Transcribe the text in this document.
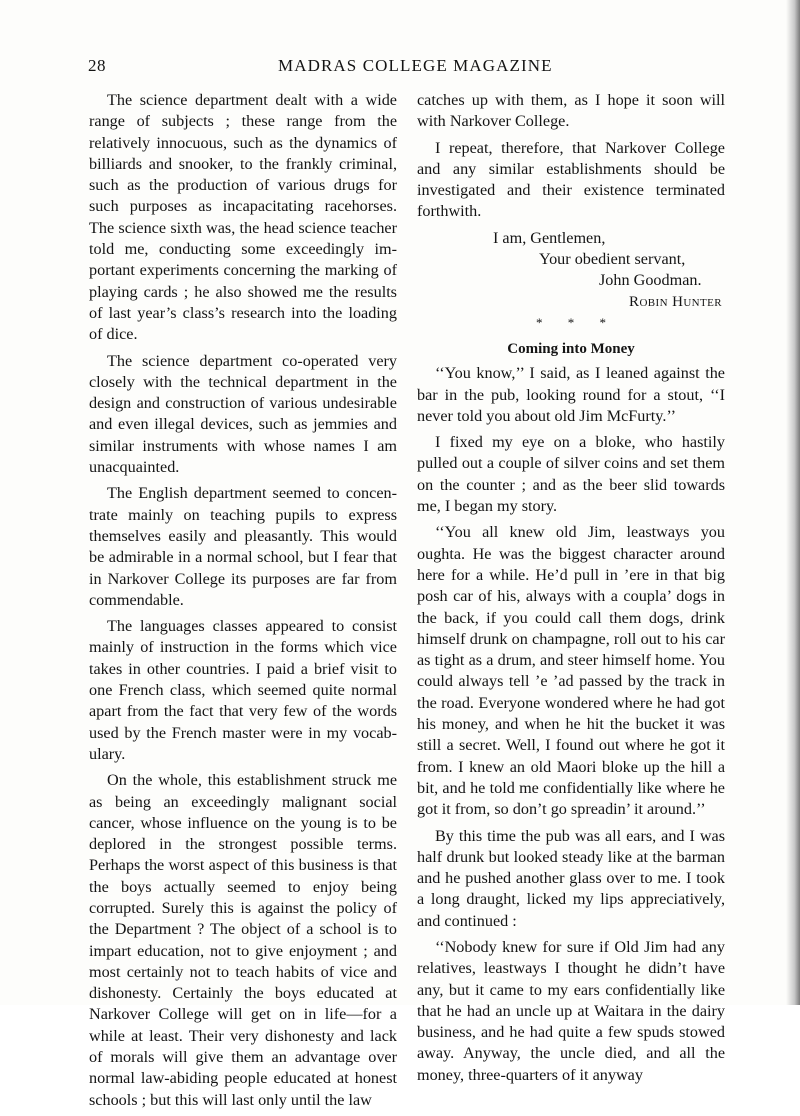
28	MADRAS COLLEGE MAGAZINE

The science department dealt with a wide range of subjects ; these range from the relatively innocuous, such as the dynamics of billiards and snooker, to the frankly criminal, such as the production of various drugs for such purposes as incapacitating racehorses. The science sixth was, the head science teacher told me, conducting some exceedingly important experiments concerning the marking of playing cards ; he also showed me the results of last year’s class’s research into the loading of dice.

The science department co-operated very closely with the technical department in the design and construction of various undesirable and even illegal devices, such as jemmies and similar instruments with whose names I am unacquainted.

The English department seemed to concentrate mainly on teaching pupils to express themselves easily and pleasantly. This would be admirable in a normal school, but I fear that in Narkover College its purposes are far from commendable.

The languages classes appeared to consist mainly of instruction in the forms which vice takes in other countries. I paid a brief visit to one French class, which seemed quite normal apart from the fact that very few of the words used by the French master were in my vocabulary.

On the whole, this establishment struck me as being an exceedingly malignant social cancer, whose influence on the young is to be deplored in the strongest possible terms. Perhaps the worst aspect of this business is that the boys actually seemed to enjoy being corrupted. Surely this is against the policy of the Department ? The object of a school is to impart education, not to give enjoyment ; and most certainly not to teach habits of vice and dishonesty. Certainly the boys educated at Narkover College will get on in life—for a while at least. Their very dishonesty and lack of morals will give them an advantage over normal law-abiding people educated at honest schools ; but this will last only until the law

catches up with them, as I hope it soon will with Narkover College.

I repeat, therefore, that Narkover College and any similar establishments should be investigated and their existence terminated forthwith.

I am, Gentlemen,
Your obedient servant,
John Goodman.
Robin Hunter
* * *
Coming into Money

‘‘You know,’’ I said, as I leaned against the bar in the pub, looking round for a stout, ‘‘I never told you about old Jim McFurty.’’

I fixed my eye on a bloke, who hastily pulled out a couple of silver coins and set them on the counter ; and as the beer slid towards me, I began my story.

‘‘You all knew old Jim, leastways you oughta. He was the biggest character around here for a while. He’d pull in ’ere in that big posh car of his, always with a coupla’ dogs in the back, if you could call them dogs, drink himself drunk on champagne, roll out to his car as tight as a drum, and steer himself home. You could always tell ’e ’ad passed by the track in the road. Everyone wondered where he had got his money, and when he hit the bucket it was still a secret. Well, I found out where he got it from. I knew an old Maori bloke up the hill a bit, and he told me confidentially like where he got it from, so don’t go spreadin’ it around.’’

By this time the pub was all ears, and I was half drunk but looked steady like at the barman and he pushed another glass over to me. I took a long draught, licked my lips appreciatively, and continued :

‘‘Nobody knew for sure if Old Jim had any relatives, leastways I thought he didn’t have any, but it came to my ears confidentially like that he had an uncle up at Waitara in the dairy business, and he had quite a few spuds stowed away. Anyway, the uncle died, and all the money, three-quarters of it anyway
